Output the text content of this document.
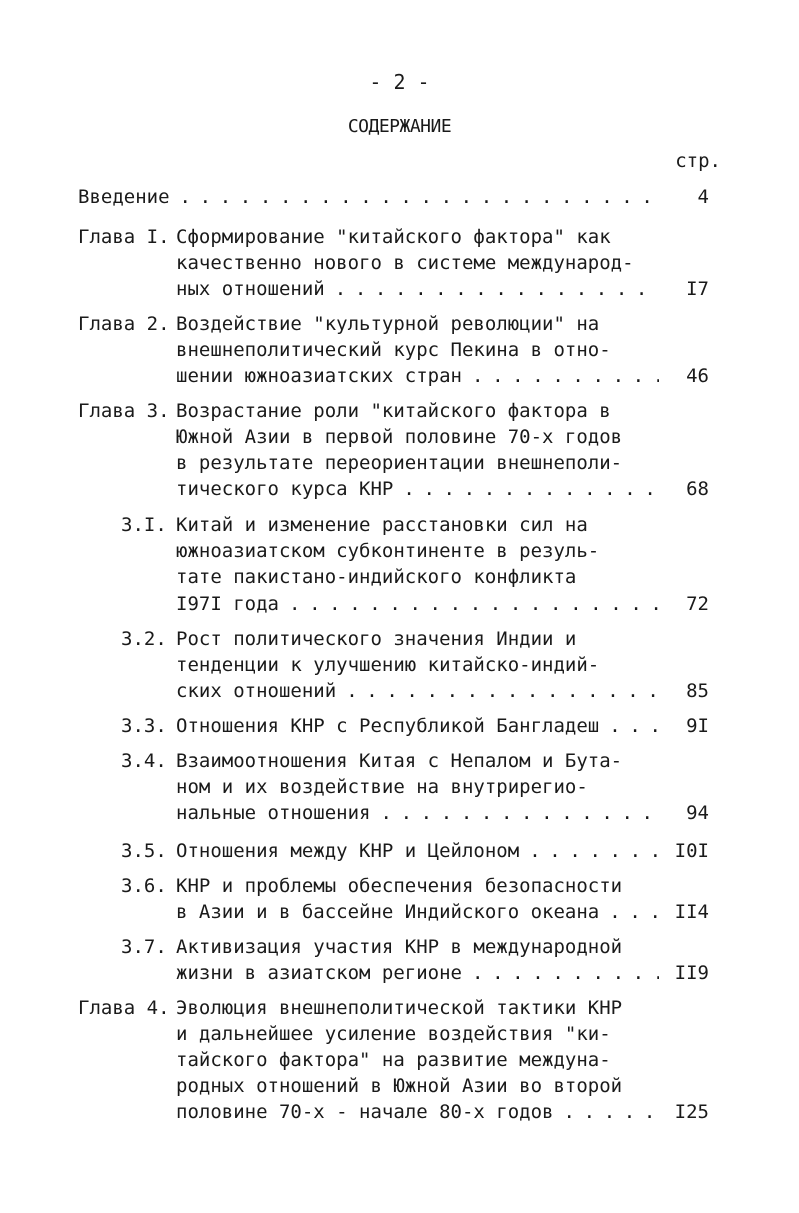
- 2 -
СОДЕРЖАНИЕ
стр.
Введение . . .	4
Глава I. Сформирование "китайского фактора" как
качественно нового в системе международ-
ных отношений . . .	I7
Глава 2. Воздействие "культурной революции" на
внешнеполитический курс Пекина в отно-
шении южноазиатских стран . . .	46
Глава 3. Возрастание роли "китайского фактора в
Южной Азии в первой половине 70-х годов
в результате переориентации внешнеполи-
тического курса КНР . . .	68
3.I. Китай и изменение расстановки сил на
южноазиатском субконтиненте в резуль-
тате пакистано-индийского конфликта
I97I года . . .	72
3.2. Рост политического значения Индии и
тенденции к улучшению китайско-индий-
ских отношений . . .	85
3.3. Отношения КНР с Республикой Бангладеш . . .	9I
3.4. Взаимоотношения Китая с Непалом и Бута-
ном и их воздействие на внутрирегио-
нальные отношения . . .	94
3.5. Отношения между КНР и Цейлоном . . .	I0I
3.6. КНР и проблемы обеспечения безопасности
в Азии и в бассейне Индийского океана . . .	II4
3.7. Активизация участия КНР в международной
жизни в азиатском регионе . . .	II9
Глава 4. Эволюция внешнеполитической тактики КНР
и дальнейшее усиление воздействия "ки-
тайского фактора" на развитие междуна-
родных отношений в Южной Азии во второй
половине 70-х - начале 80-х годов . . .	I25
